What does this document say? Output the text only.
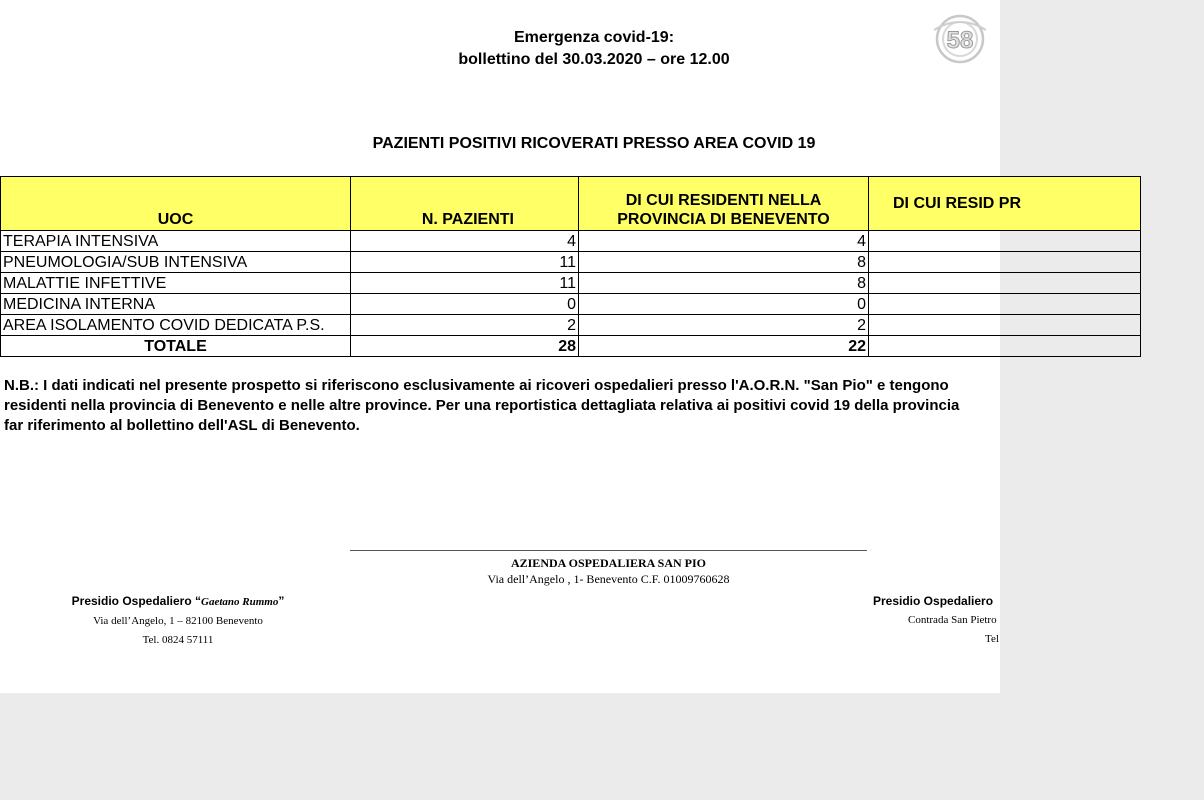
58
Emergenza covid-19:
bollettino del 30.03.2020 – ore 12.00
PAZIENTI POSITIVI RICOVERATI PRESSO AREA COVID 19
UOC	N. PAZIENTI	DI CUI RESIDENTI NELLA PROVINCIA DI BENEVENTO	DI CUI RESID PR
TERAPIA INTENSIVA	4	4	
PNEUMOLOGIA/SUB INTENSIVA	11	8	
MALATTIE INFETTIVE	11	8	
MEDICINA INTERNA	0	0	
AREA ISOLAMENTO COVID DEDICATA P.S.	2	2	
TOTALE	28	22	
N.B.: I dati indicati nel presente prospetto si riferiscono esclusivamente ai ricoveri ospedalieri presso l'A.O.R.N. "San Pio" e tengono
residenti nella provincia di Benevento e nelle altre province. Per una reportistica dettagliata relativa ai positivi covid 19 della provincia
far riferimento al bollettino dell'ASL di Benevento.
AZIENDA OSPEDALIERA SAN PIO
Via dell’Angelo , 1- Benevento C.F. 01009760628
Presidio Ospedaliero “Gaetano Rummo”
Via dell’Angelo, 1 – 82100 Benevento
Tel. 0824 57111
Presidio Ospedaliero
Contrada San Pietro
Tel
